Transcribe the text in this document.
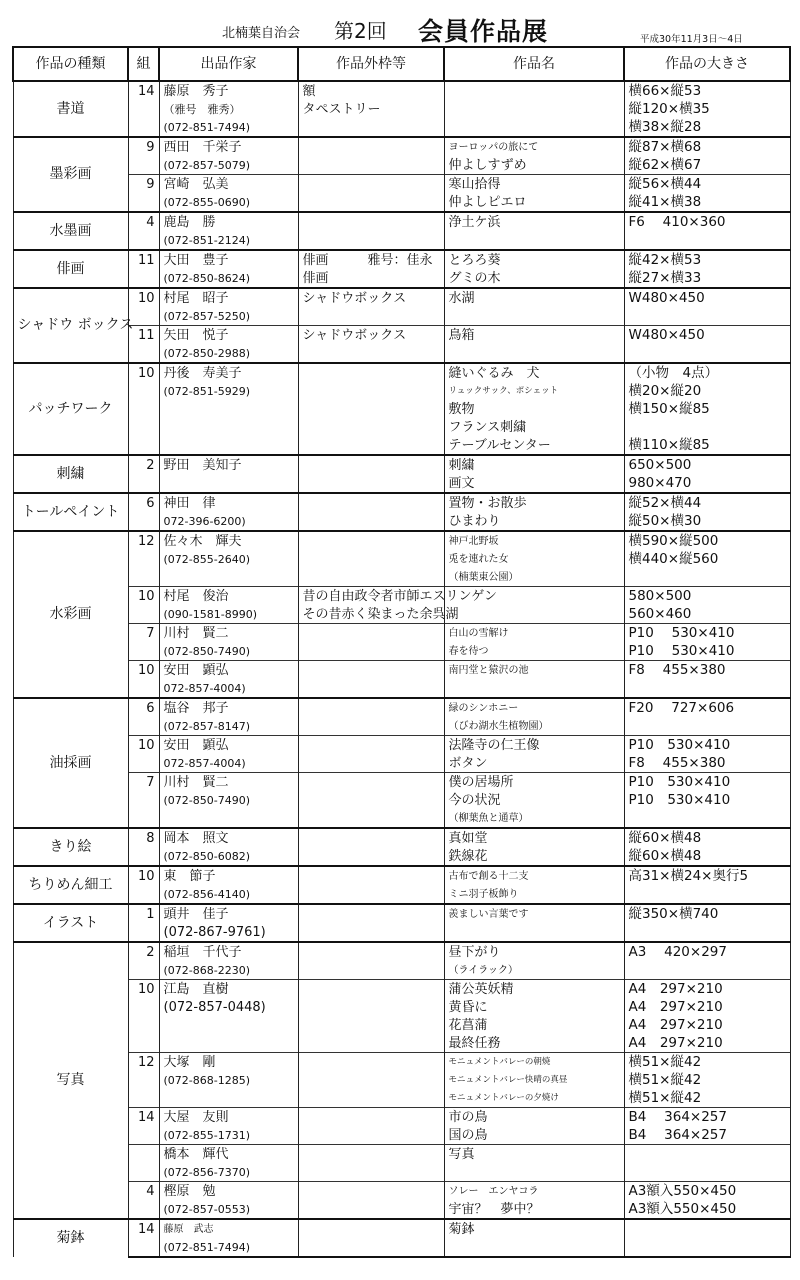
北楠葉自治会 第2回 会員作品展	平成30年11月3日～4日
作品の種類	組	出品作家	作品外枠等	作品名	作品の大きさ
書道	14	藤原　秀子	額		横66×縦53
		（雅号　雅秀）	タペストリー		縦120×横35
		(072-851-7494)			横38×縦28
墨彩画	9	西田　千栄子		ヨーロッパの旅にて	縦87×横68
		(072-857-5079)		仲よしすずめ	縦62×横67
	9	宮崎　弘美		寒山拾得	縦56×横44
		(072-855-0690)		仲よしピエロ	縦41×横38
水墨画	4	鹿島　勝		浄土ケ浜	F6　 410×360
		(072-851-2124)			
俳画	11	大田　豊子	俳画　　　雅号：佳永	とろろ葵	縦42×横53
		(072-850-8624)	俳画	グミの木	縦27×横33
シャドウ ボックス	10	村尾　昭子	シャドウボックス	水湖	W480×450
		(072-857-5250)			
	11	矢田　悦子	シャドウボックス	鳥箱	W480×450
		(072-850-2988)			
パッチワーク	10	丹後　寿美子		縫いぐるみ　犬	（小物　4点）
		(072-851-5929)		リュックサック、ポシェット	横20×縦20
				敷物	横150×縦85
				フランス刺繍	
				テーブルセンター	横110×縦85
刺繍	2	野田　美知子		刺繍	650×500
				画文	980×470
トールペイント	6	神田　律		置物・お散歩	縦52×横44
		072-396-6200)		ひまわり	縦50×横30
水彩画	12	佐々木　輝夫		神戸北野坂	横590×縦500
		(072-855-2640)		兎を連れた女	横440×縦560
				（楠葉東公園）	
	10	村尾　俊治	昔の自由政令者市師エスリンゲン		580×500
		(090-1581-8990)	その昔赤く染まった余呉湖		560×460
	7	川村　賢二		白山の雪解け	P10　 530×410
		(072-850-7490)		春を待つ	P10　 530×410
	10	安田　顕弘		南円堂と猿沢の池	F8　 455×380
		072-857-4004)			
油採画	6	塩谷　邦子		緑のシンホニー	F20　 727×606
		(072-857-8147)		（びわ湖水生植物園）	
	10	安田　顕弘		法隆寺の仁王像	P10　530×410
		072-857-4004)		ボタン	F8　 455×380
	7	川村　賢二		僕の居場所	P10　530×410
		(072-850-7490)		今の状況	P10　530×410
				（柳葉魚と通草）	
きり絵	8	岡本　照文		真如堂	縦60×横48
		(072-850-6082)		鉄線花	縦60×横48
ちりめん細工	10	東　節子		古布で創る十二支	高31×横24×奥行5
		(072-856-4140)		ミニ羽子板飾り	
イラスト	1	頭井　佳子		羨ましい言葉です	縦350×横740
		(072-867-9761)			
写真	2	稲垣　千代子		昼下がり	A3　 420×297
		(072-868-2230)		（ライラック）	
	10	江島　直樹		蒲公英妖精	A4　297×210
		(072-857-0448)		黄昏に	A4　297×210
				花菖蒲	A4　297×210
				最終任務	A4　297×210
	12	大塚　剛		モニュメントバレーの朝焼	横51×縦42
		(072-868-1285)		モニュメントバレー快晴の真昼	横51×縦42
				モニュメントバレーの夕焼け	横51×縦42
	14	大屋　友則		市の鳥	B4　 364×257
		(072-855-1731)		国の鳥	B4　 364×257
		橋本　輝代		写真	
		(072-856-7370)			
	4	樫原　勉		ソレー　エンヤコラ	A3額入550×450
		(072-857-0553)		宇宙？　夢中？	A3額入550×450
菊鉢	14	藤原　武志		菊鉢	
		(072-851-7494)			
